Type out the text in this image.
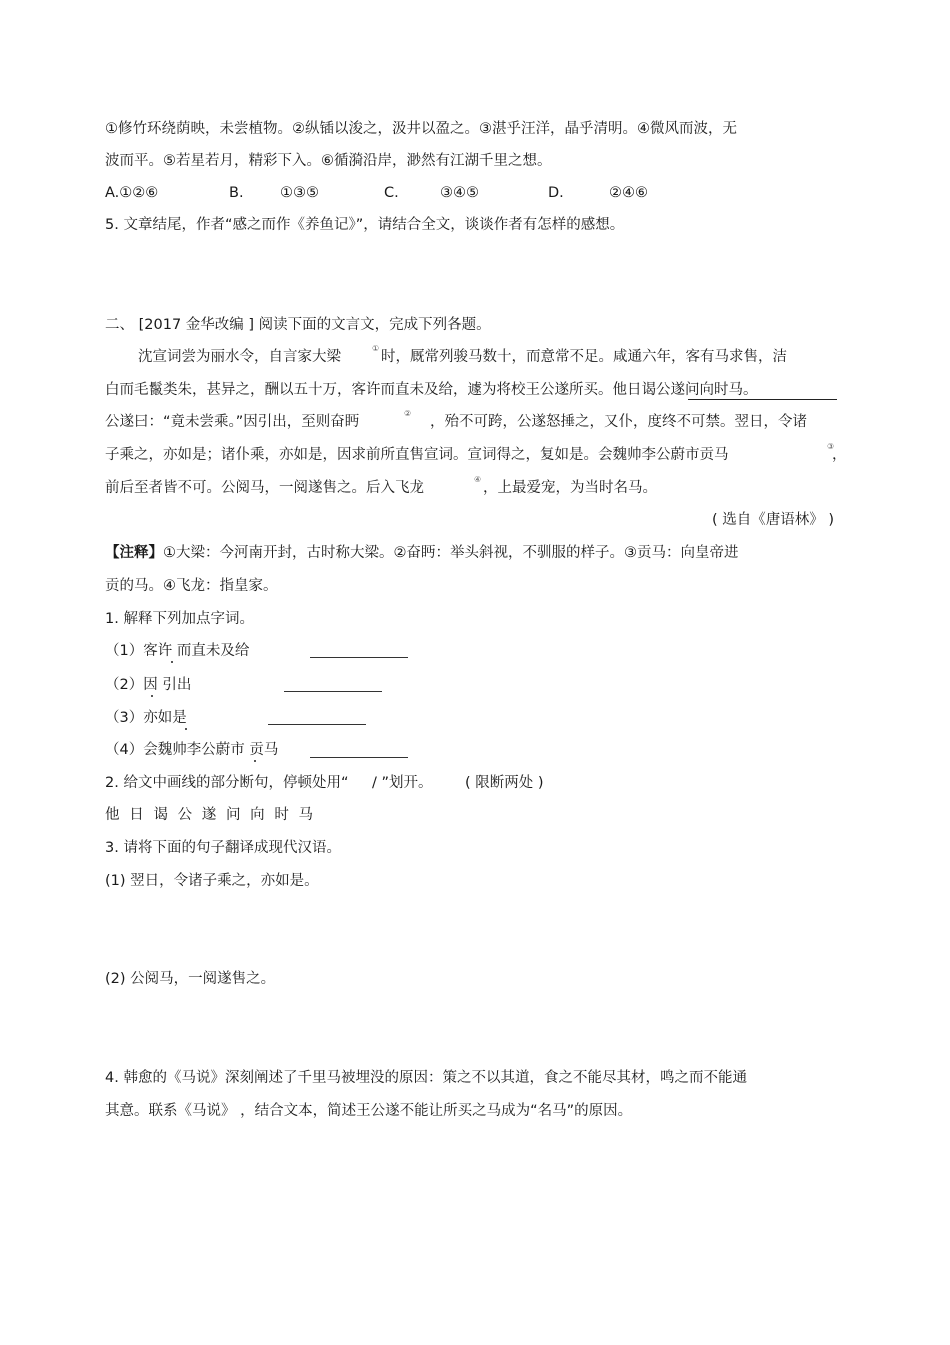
①修竹环绕荫映，未尝植物。②纵锸以浚之，汲井以盈之。③湛乎汪洋，晶乎清明。④微风而波，无
波而平。⑤若星若月，精彩下入。⑥循漪沿岸，渺然有江湖千里之想。
A.①②⑥	B.	①③⑤	C.	③④⑤	D.	②④⑥
5. 文章结尾，作者“感之而作《养鱼记》”，请结合全文，谈谈作者有怎样的感想。
二、 [2017 金华改编 ] 阅读下面的文言文，完成下列各题。
沈宣词尝为丽水令，自言家大梁
①
时，厩常列骏马数十，而意常不足。咸通六年，客有马求售，洁
白而毛鬣类朱，甚异之，酬以五十万，客许而直未及给，遽为将校王公遂所买。他日谒公遂问向时马。
公遂曰：“竟未尝乘。”因引出，至则奋眄
②
，殆不可跨，公遂怒捶之，又仆，度终不可禁。翌日，令诸
子乘之，亦如是；诸仆乘，亦如是，因求前所直售宣词。宣词得之，复如是。会魏帅李公蔚市贡马
③
，
前后至者皆不可。公阅马，一阅遂售之。后入飞龙
④
，上最爱宠，为当时名马。
( 选自《唐语林》 )
【注释】①大梁：今河南开封，古时称大梁。②奋眄：举头斜视，不驯服的样子。③贡马：向皇帝进
贡的马。④飞龙：指皇家。
1. 解释下列加点字词。
（1）客许 而直未及给
（2）因 引出
（3）亦如是
（4）会魏帅李公蔚市 贡马
2. 给文中画线的部分断句，停顿处用“ / ”划开。 ( 限断两处 )
他 日 谒 公 遂 问 向 时 马
3. 请将下面的句子翻译成现代汉语。
(1) 翌日，令诸子乘之，亦如是。
(2) 公阅马，一阅遂售之。
4. 韩愈的《马说》深刻阐述了千里马被埋没的原因：策之不以其道，食之不能尽其材，鸣之而不能通
其意。联系《马说》 ，结合文本，简述王公遂不能让所买之马成为“名马”的原因。
